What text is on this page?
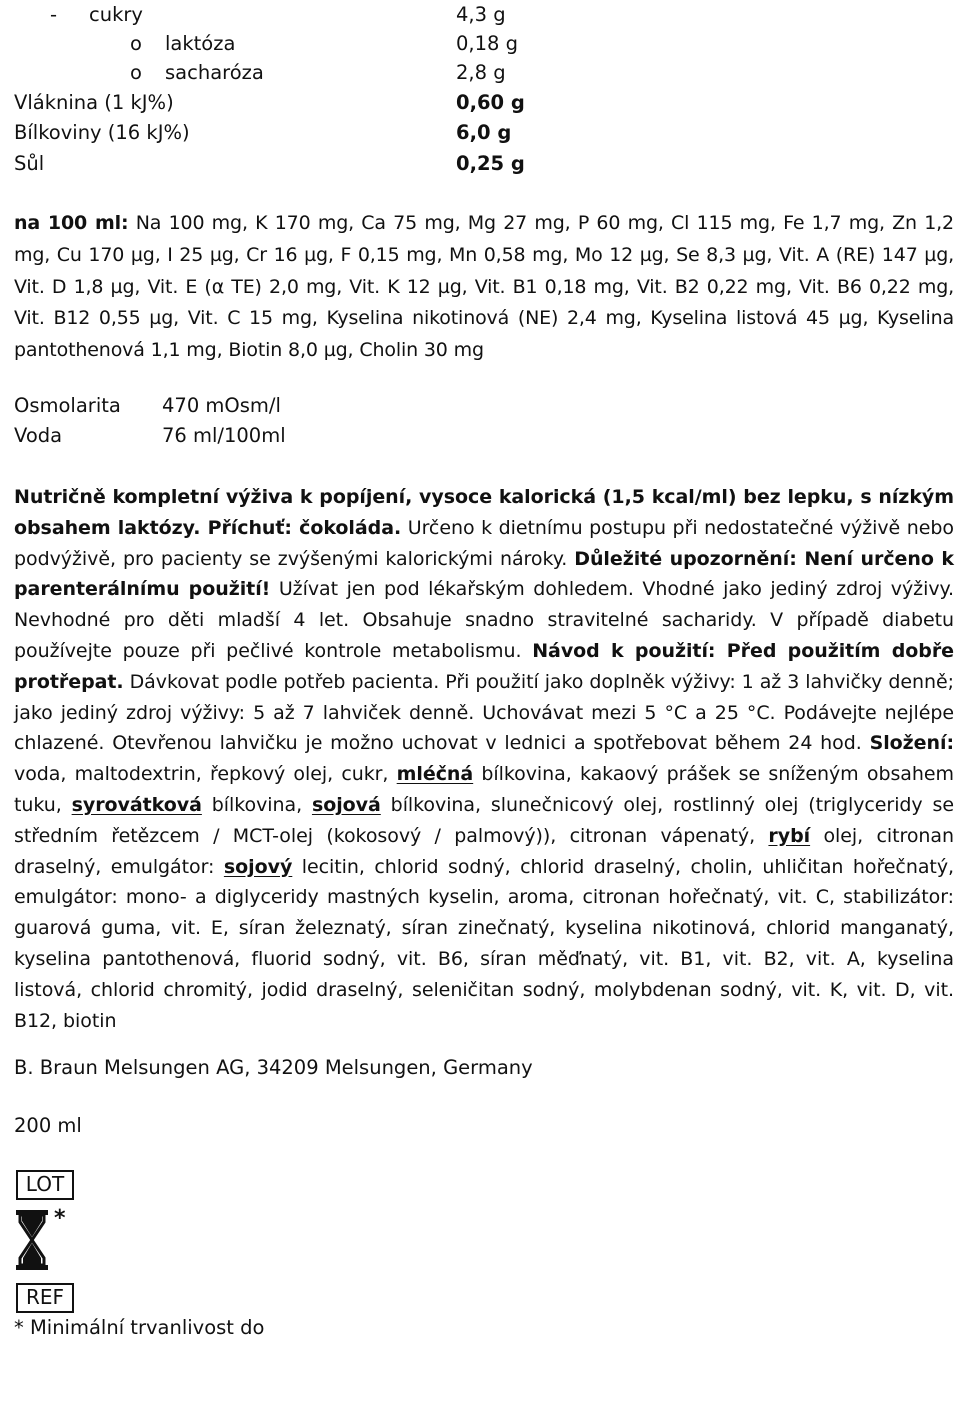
- cukry	4,3 g
o laktóza	0,18 g
o sacharóza	2,8 g
Vláknina (1 kJ%)	0,60 g
Bílkoviny (16 kJ%)	6,0 g
Sůl	0,25 g

na 100 ml: Na 100 mg, K 170 mg, Ca 75 mg, Mg 27 mg, P 60 mg, Cl 115 mg, Fe 1,7 mg, Zn 1,2 mg, Cu 170 µg, I 25 µg, Cr 16 µg, F 0,15 mg, Mn 0,58 mg, Mo 12 µg, Se 8,3 µg, Vit. A (RE) 147 µg, Vit. D 1,8 µg, Vit. E (α TE) 2,0 mg, Vit. K 12 µg, Vit. B1 0,18 mg, Vit. B2 0,22 mg, Vit. B6 0,22 mg, Vit. B12 0,55 µg, Vit. C 15 mg, Kyselina nikotinová (NE) 2,4 mg, Kyselina listová 45 µg, Kyselina pantothenová 1,1 mg, Biotin 8,0 µg, Cholin 30 mg

Osmolarita 470 mOsm/l
Voda	76 ml/100ml

Nutričně kompletní výživa k popíjení, vysoce kalorická (1,5 kcal/ml) bez lepku, s nízkým obsahem laktózy. Příchuť: čokoláda. Určeno k dietnímu postupu při nedostatečné výživě nebo podvýživě, pro pacienty se zvýšenými kalorickými nároky. Důležité upozornění: Není určeno k parenterálnímu použití! Užívat jen pod lékařským dohledem. Vhodné jako jediný zdroj výživy. Nevhodné pro děti mladší 4 let. Obsahuje snadno stravitelné sacharidy. V případě diabetu používejte pouze při pečlivé kontrole metabolismu. Návod k použití: Před použitím dobře protřepat. Dávkovat podle potřeb pacienta. Při použití jako doplněk výživy: 1 až 3 lahvičky denně; jako jediný zdroj výživy: 5 až 7 lahviček denně. Uchovávat mezi 5 °C a 25 °C. Podávejte nejlépe chlazené. Otevřenou lahvičku je možno uchovat v lednici a spotřebovat během 24 hod. Složení: voda, maltodextrin, řepkový olej, cukr, mléčná bílkovina, kakaový prášek se sníženým obsahem tuku, syrovátková bílkovina, sojová bílkovina, slunečnicový olej, rostlinný olej (triglyceridy se středním řetězcem / MCT-olej (kokosový / palmový)), citronan vápenatý, rybí olej, citronan draselný, emulgátor: sojový lecitin, chlorid sodný, chlorid draselný, cholin, uhličitan hořečnatý, emulgátor: mono- a diglyceridy mastných kyselin, aroma, citronan hořečnatý, vit. C, stabilizátor: guarová guma, vit. E, síran železnatý, síran zinečnatý, kyselina nikotinová, chlorid manganatý, kyselina pantothenová, fluorid sodný, vit. B6, síran měďnatý, vit. B1, vit. B2, vit. A, kyselina listová, chlorid chromitý, jodid draselný, seleničitan sodný, molybdenan sodný, vit. K, vit. D, vit. B12, biotin

B. Braun Melsungen AG, 34209 Melsungen, Germany
200 ml
LOT
*
REF
* Minimální trvanlivost do
